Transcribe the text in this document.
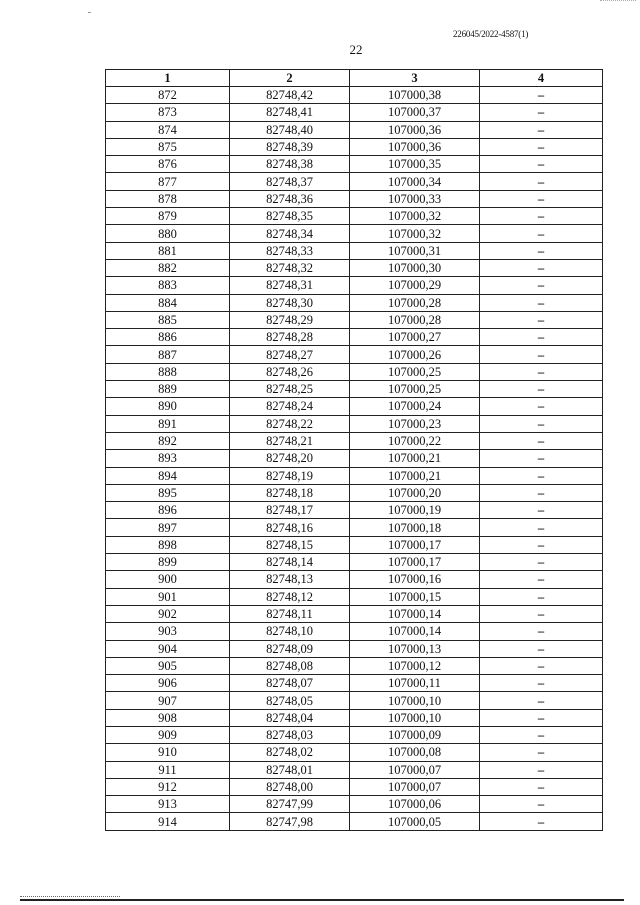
226045/2022-4587(1)
22
1	2	3	4
872	82748,42	107000,38	–
873	82748,41	107000,37	–
874	82748,40	107000,36	–
875	82748,39	107000,36	–
876	82748,38	107000,35	–
877	82748,37	107000,34	–
878	82748,36	107000,33	–
879	82748,35	107000,32	–
880	82748,34	107000,32	–
881	82748,33	107000,31	–
882	82748,32	107000,30	–
883	82748,31	107000,29	–
884	82748,30	107000,28	–
885	82748,29	107000,28	–
886	82748,28	107000,27	–
887	82748,27	107000,26	–
888	82748,26	107000,25	–
889	82748,25	107000,25	–
890	82748,24	107000,24	–
891	82748,22	107000,23	–
892	82748,21	107000,22	–
893	82748,20	107000,21	–
894	82748,19	107000,21	–
895	82748,18	107000,20	–
896	82748,17	107000,19	–
897	82748,16	107000,18	–
898	82748,15	107000,17	–
899	82748,14	107000,17	–
900	82748,13	107000,16	–
901	82748,12	107000,15	–
902	82748,11	107000,14	–
903	82748,10	107000,14	–
904	82748,09	107000,13	–
905	82748,08	107000,12	–
906	82748,07	107000,11	–
907	82748,05	107000,10	–
908	82748,04	107000,10	–
909	82748,03	107000,09	–
910	82748,02	107000,08	–
911	82748,01	107000,07	–
912	82748,00	107000,07	–
913	82747,99	107000,06	–
914	82747,98	107000,05	–
